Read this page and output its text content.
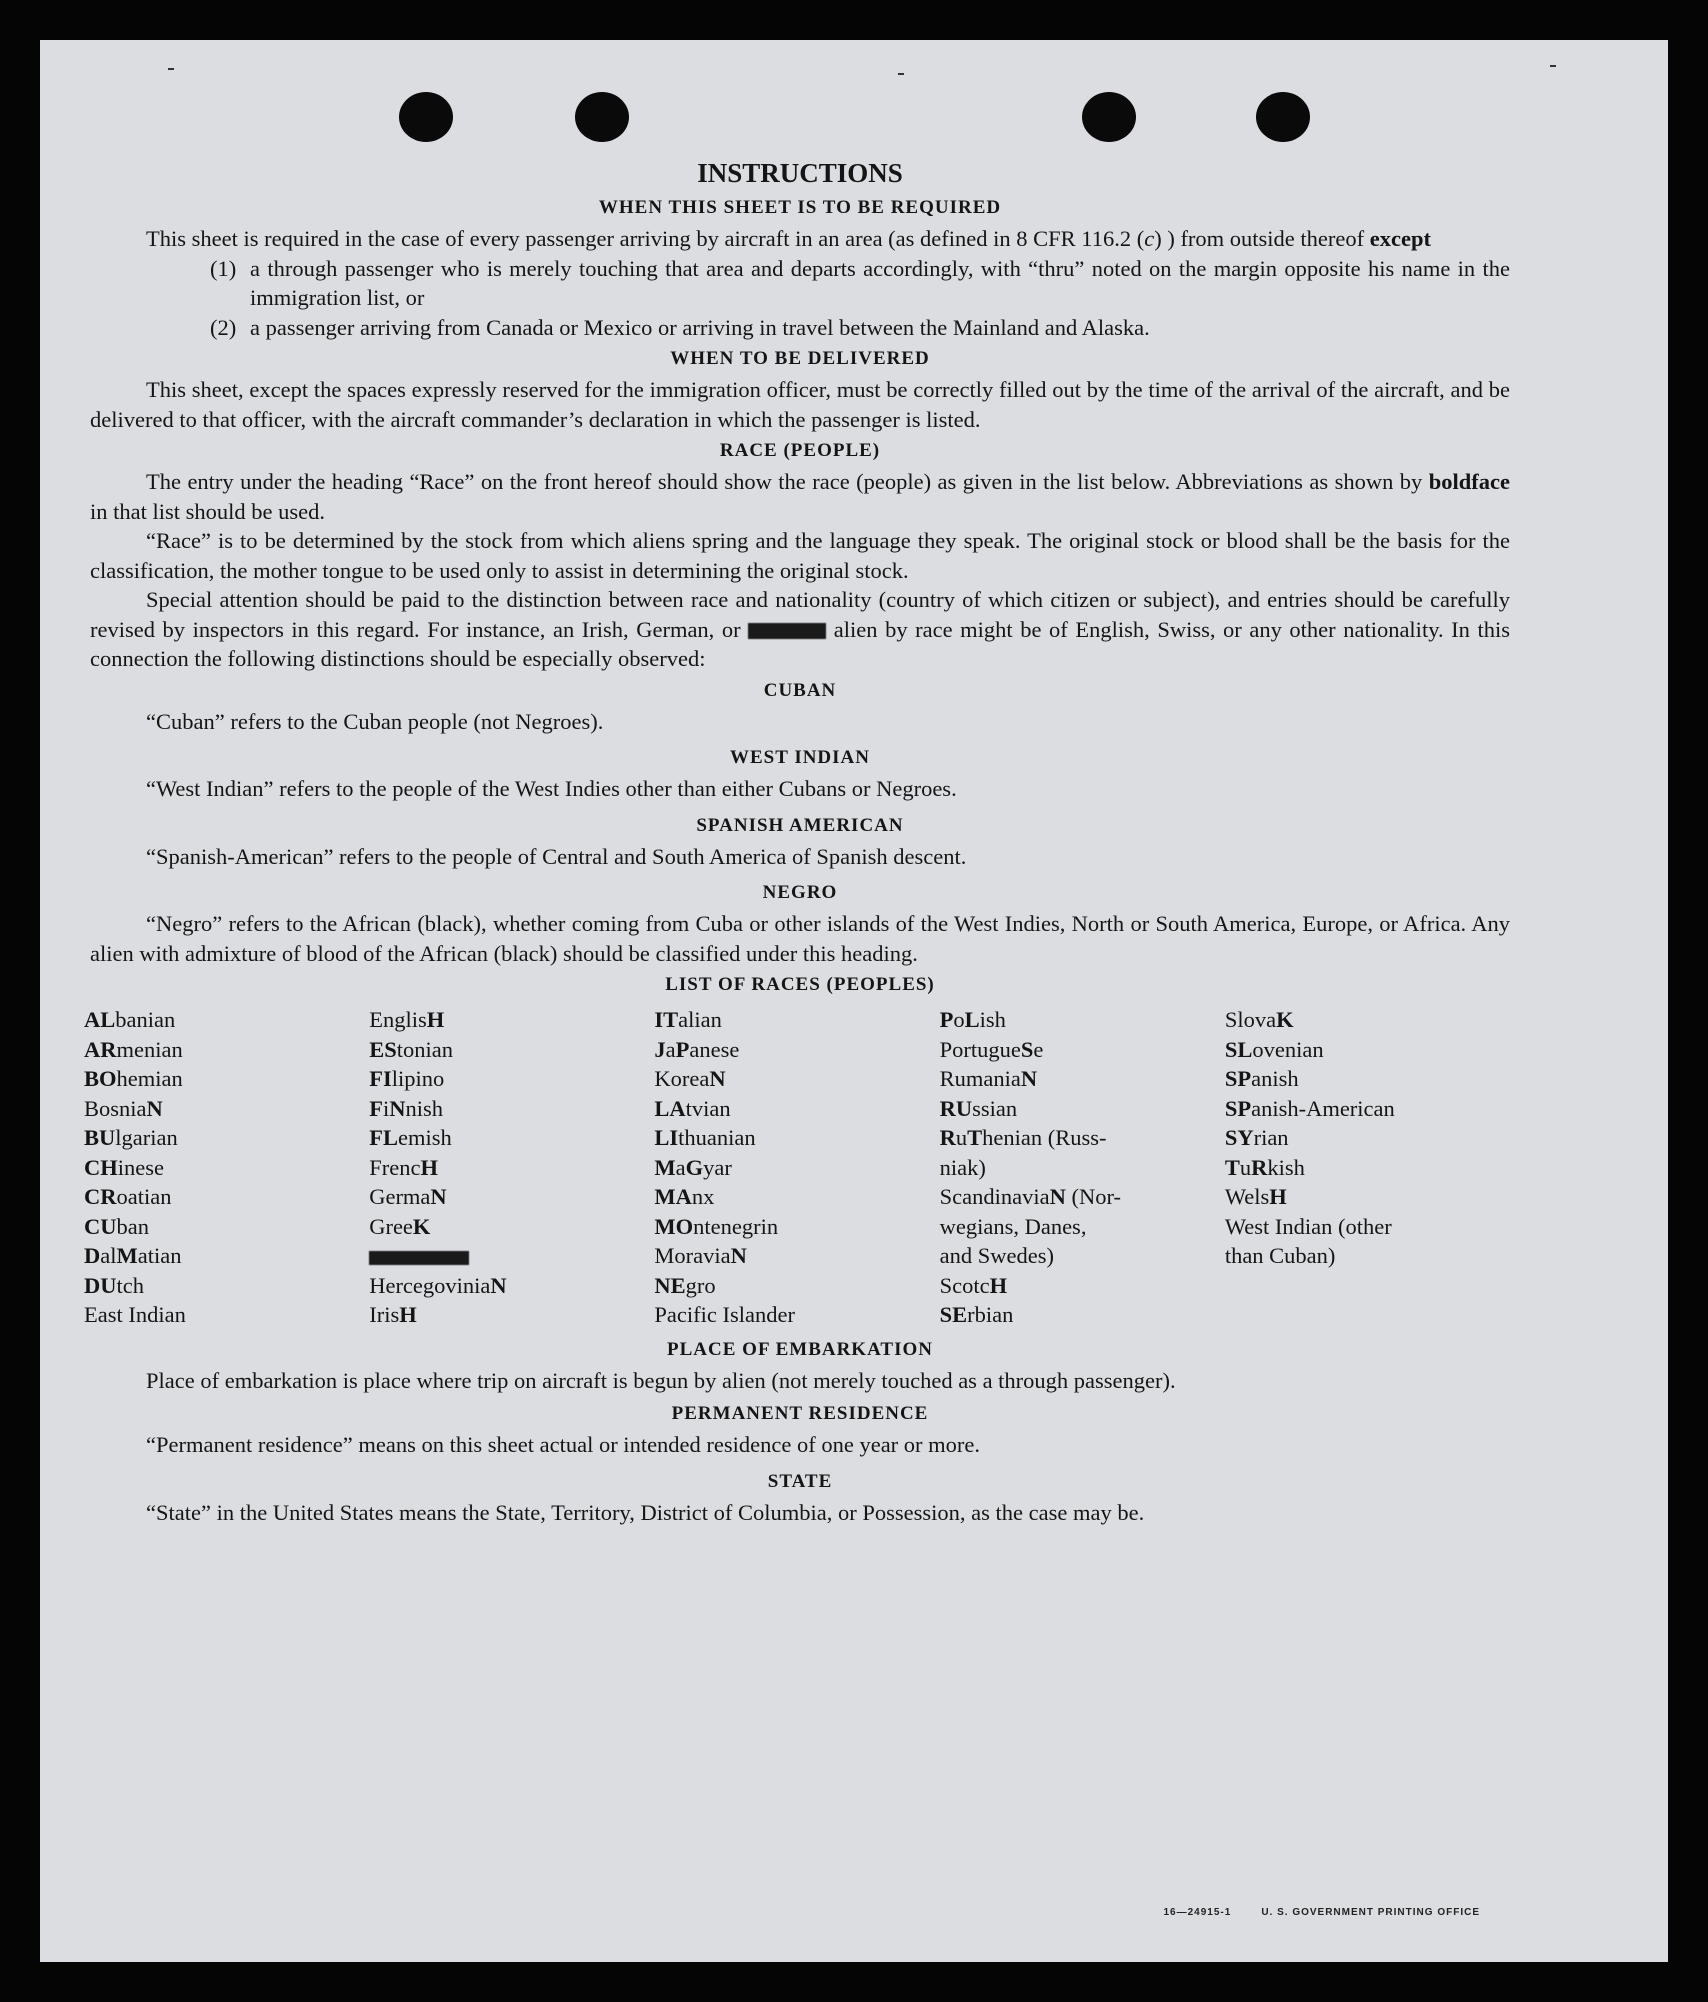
INSTRUCTIONS
WHEN THIS SHEET IS TO BE REQUIRED

This sheet is required in the case of every passenger arriving by aircraft in an area (as defined in 8 CFR 116.2 (c) ) from outside thereof except

(1) a through passenger who is merely touching that area and departs accordingly, with “thru” noted on the margin opposite his name in the immigration list, or
(2) a passenger arriving from Canada or Mexico or arriving in travel between the Mainland and Alaska.
WHEN TO BE DELIVERED

This sheet, except the spaces expressly reserved for the immigration officer, must be correctly filled out by the time of the arrival of the aircraft, and be delivered to that officer, with the aircraft commander’s declaration in which the passenger is listed.

RACE (PEOPLE)

The entry under the heading “Race” on the front hereof should show the race (people) as given in the list below. Abbreviations as shown by boldface in that list should be used.

“Race” is to be determined by the stock from which aliens spring and the language they speak. The original stock or blood shall be the basis for the classification, the mother tongue to be used only to assist in determining the original stock.

Special attention should be paid to the distinction between race and nationality (country of which citizen or subject), and entries should be carefully revised by inspectors in this regard. For instance, an Irish, German, or	alien by race might be of English, Swiss, or any other nationality. In this connection the following distinctions should be especially observed:

CUBAN

“Cuban” refers to the Cuban people (not Negroes).

WEST INDIAN

“West Indian” refers to the people of the West Indies other than either Cubans or Negroes.

SPANISH AMERICAN

“Spanish-American” refers to the people of Central and South America of Spanish descent.

NEGRO

“Negro” refers to the African (black), whether coming from Cuba or other islands of the West Indies, North or South America, Europe, or Africa. Any alien with admixture of blood of the African (black) should be classified under this heading.

LIST OF RACES (PEOPLES)
ALbanian
ARmenian
BOhemian
BosniaN
BUlgarian
CHinese
CRoatian
CUban
DalMatian
DUtch
East Indian
EnglisH
EStonian
FIlipino
FiNnish
FLemish
FrencH
GermaN
GreeK
HercegoviniaN
IrisH
ITalian
JaPanese
KoreaN
LAtvian
LIthuanian
MaGyar
MAnx
MOntenegrin
MoraviaN
NEgro
Pacific Islander
PoLish
PortugueSe
RumaniaN
RUssian
RuThenian (Russ-
niak)
ScandinaviaN (Nor-
wegians, Danes,
and Swedes)
ScotcH
SErbian
SlovaK
SLovenian
SPanish
SPanish-American
SYrian
TuRkish
WelsH
West Indian (other
than Cuban)
PLACE OF EMBARKATION

Place of embarkation is place where trip on aircraft is begun by alien (not merely touched as a through passenger).

PERMANENT RESIDENCE

“Permanent residence” means on this sheet actual or intended residence of one year or more.

STATE

“State” in the United States means the State, Territory, District of Columbia, or Possession, as the case may be.

16—24915-1	U. S. GOVERNMENT PRINTING OFFICE
